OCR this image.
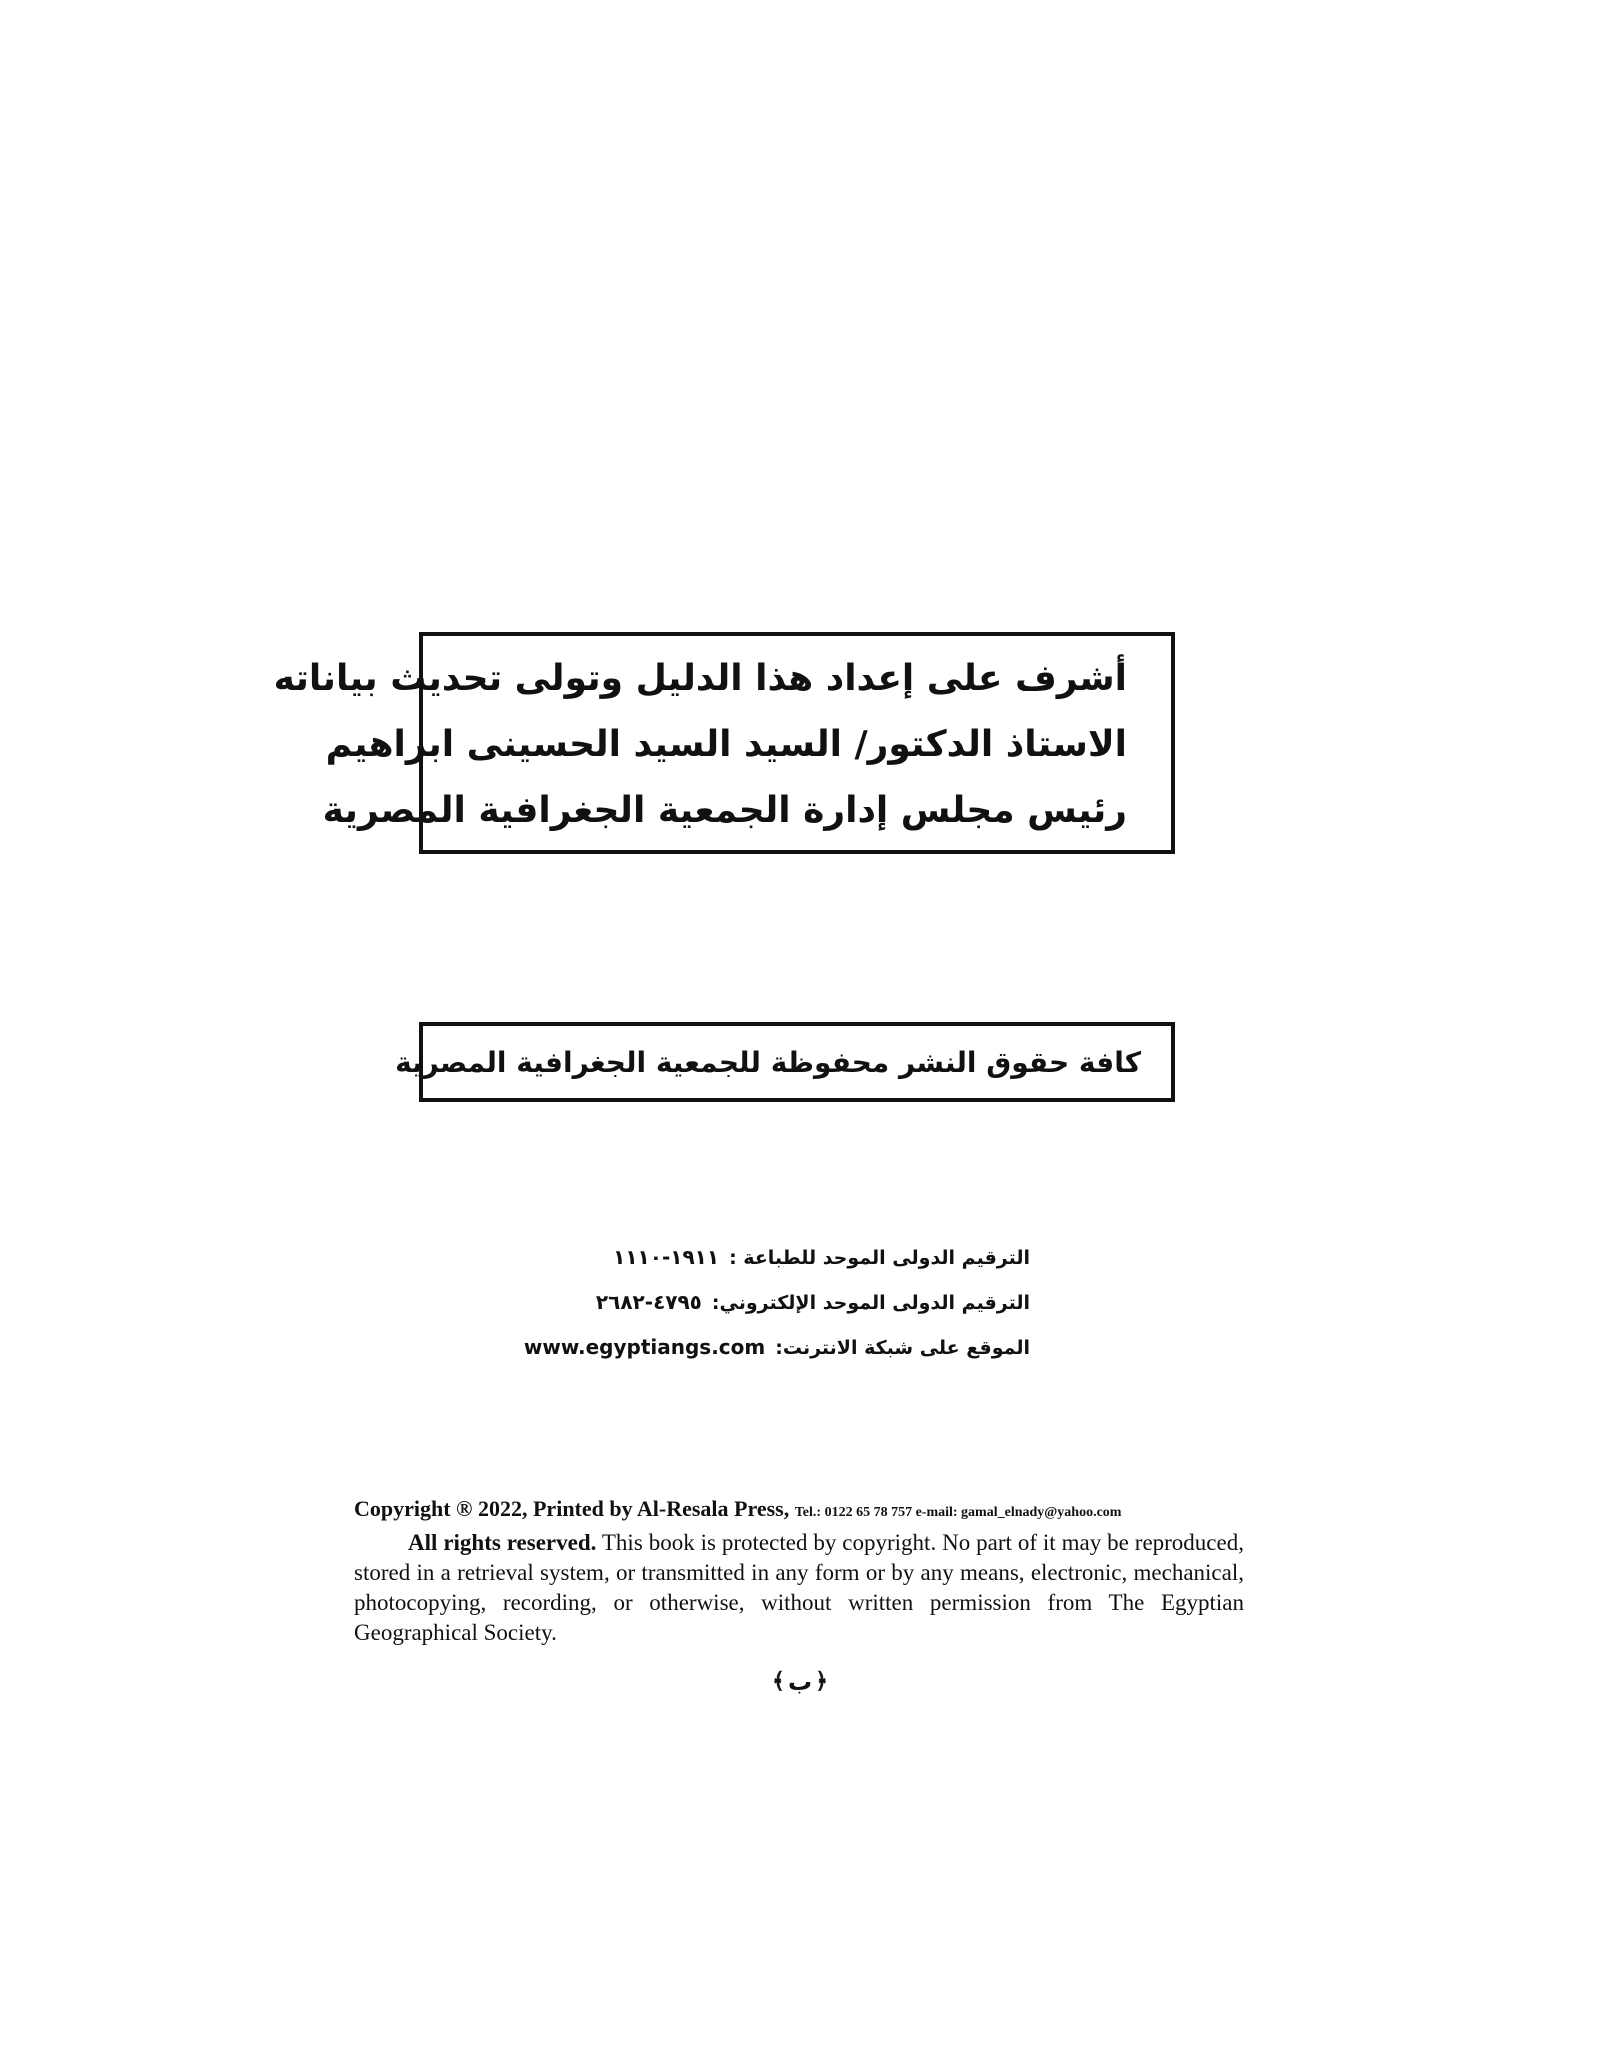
أشرف على إعداد هذا الدليل وتولى تحديث بياناته
الاستاذ الدكتور/ السيد السيد الحسينى ابراهيم
رئيس مجلس إدارة الجمعية الجغرافية المصرية
كافة حقوق النشر محفوظة للجمعية الجغرافية المصرية
الترقيم الدولى الموحد للطباعة :
١٩١١-١١١٠
الترقيم الدولى الموحد الإلكتروني:
٤٧٩٥-٢٦٨٢
الموقع على شبكة الانترنت:
www.egyptiangs.com
Copyright ® 2022, Printed by Al-Resala Press, Tel.: 0122 65 78 757 e-mail: gamal_elnady@yahoo.com

All rights reserved. This book is protected by copyright. No part of it may be reproduced, stored in a retrieval system, or transmitted in any form or by any means, electronic, mechanical, photocopying, recording, or otherwise, without written permission from The Egyptian Geographical Society.

﴿
ب
﴾
